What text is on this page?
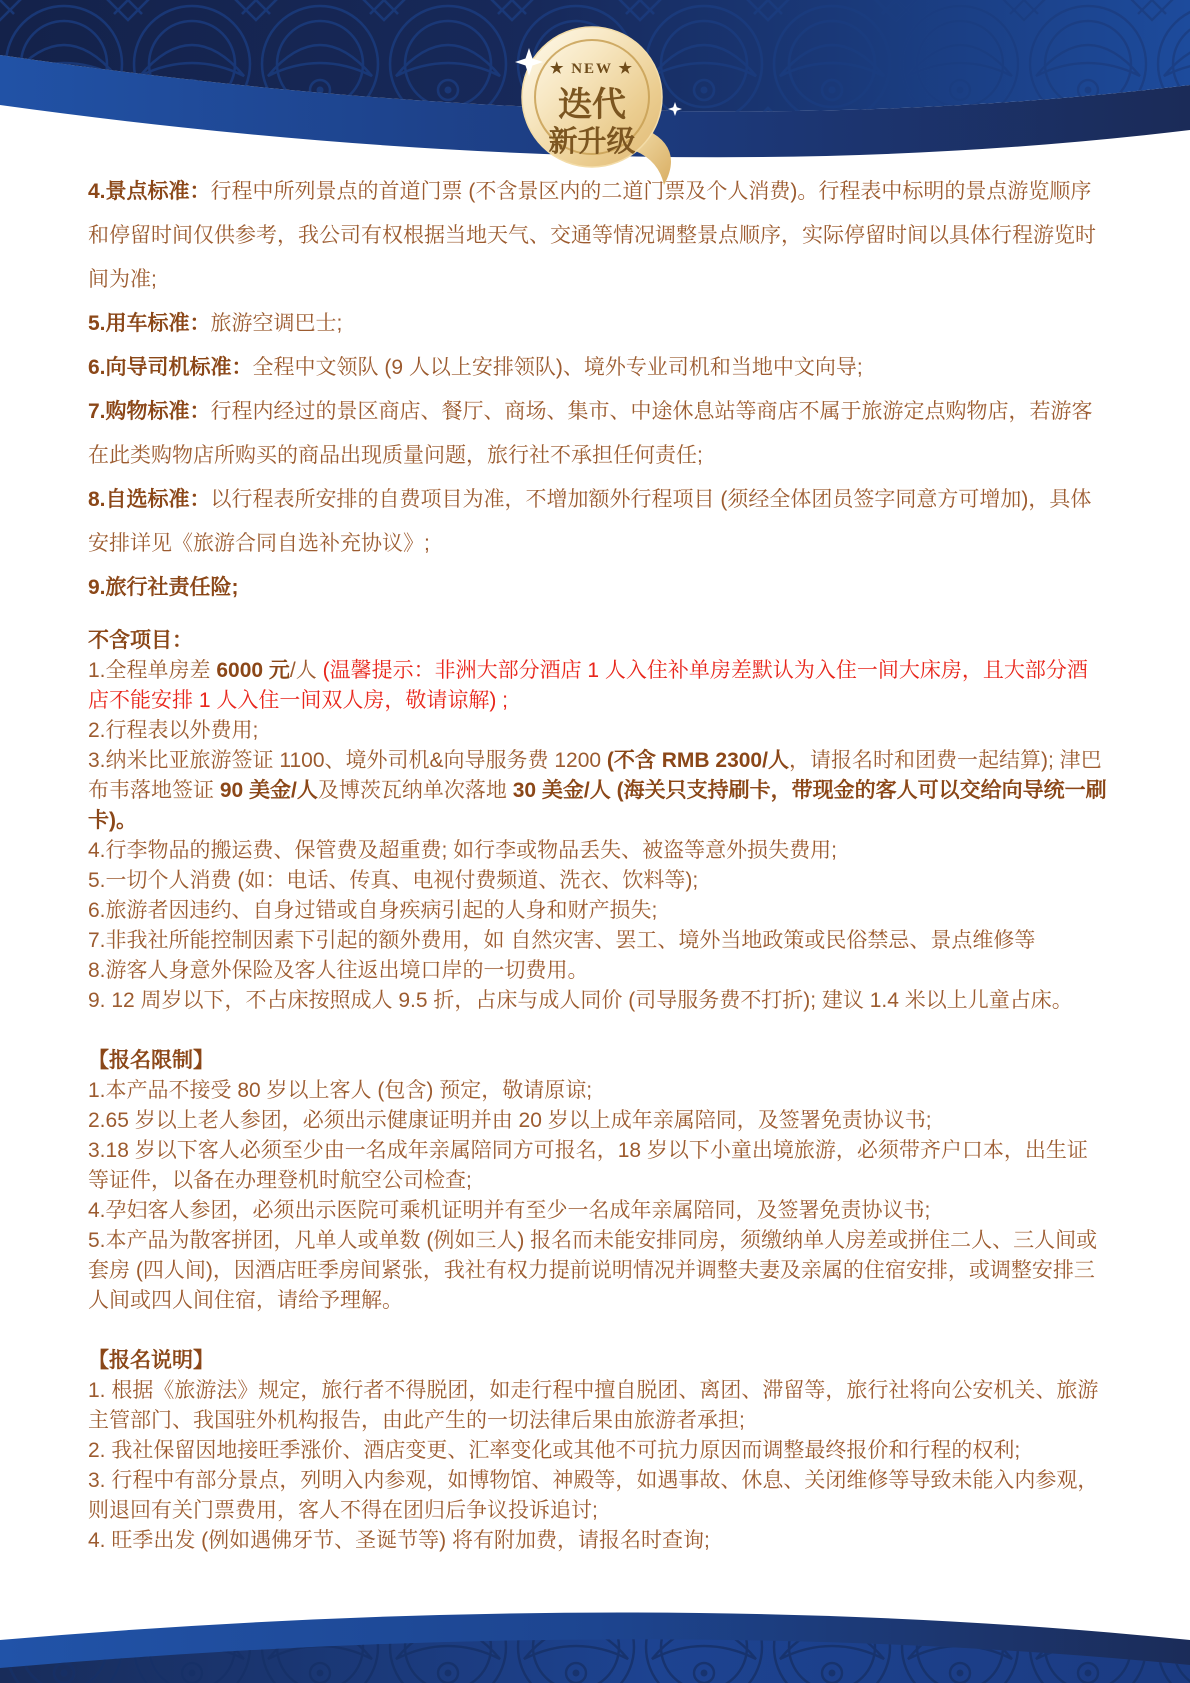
★ NEW ★
迭代
新升级

4.景点标准：行程中所列景点的首道门票 (不含景区内的二道门票及个人消费)。行程表中标明的景点游览顺序和停留时间仅供参考，我公司有权根据当地天气、交通等情况调整景点顺序，实际停留时间以具体行程游览时间为准;

5.用车标准：旅游空调巴士;

6.向导司机标准：全程中文领队 (9 人以上安排领队)、境外专业司机和当地中文向导;

7.购物标准：行程内经过的景区商店、餐厅、商场、集市、中途休息站等商店不属于旅游定点购物店，若游客在此类购物店所购买的商品出现质量问题，旅行社不承担任何责任;

8.自选标准：以行程表所安排的自费项目为准，不增加额外行程项目 (须经全体团员签字同意方可增加)，具体安排详见《旅游合同自选补充协议》;

9.旅行社责任险;

不含项目：

1.全程单房差 6000 元/人 (温馨提示：非洲大部分酒店 1 人入住补单房差默认为入住一间大床房，且大部分酒店不能安排 1 人入住一间双人房，敬请谅解) ;

2.行程表以外费用;

3.纳米比亚旅游签证 1100、境外司机&向导服务费 1200 (不含 RMB 2300/人，请报名时和团费一起结算); 津巴布韦落地签证 90 美金/人及博茨瓦纳单次落地 30 美金/人 (海关只支持刷卡，带现金的客人可以交给向导统一刷卡)。

4.行李物品的搬运费、保管费及超重费; 如行李或物品丢失、被盗等意外损失费用;

5.一切个人消费 (如：电话、传真、电视付费频道、洗衣、饮料等);

6.旅游者因违约、自身过错或自身疾病引起的人身和财产损失;

7.非我社所能控制因素下引起的额外费用，如 自然灾害、罢工、境外当地政策或民俗禁忌、景点维修等

8.游客人身意外保险及客人往返出境口岸的一切费用。

9. 12 周岁以下，不占床按照成人 9.5 折，占床与成人同价 (司导服务费不打折); 建议 1.4 米以上儿童占床。

【报名限制】

1.本产品不接受 80 岁以上客人 (包含) 预定，敬请原谅;

2.65 岁以上老人参团，必须出示健康证明并由 20 岁以上成年亲属陪同，及签署免责协议书;

3.18 岁以下客人必须至少由一名成年亲属陪同方可报名，18 岁以下小童出境旅游，必须带齐户口本，出生证等证件，以备在办理登机时航空公司检查;

4.孕妇客人参团，必须出示医院可乘机证明并有至少一名成年亲属陪同，及签署免责协议书;

5.本产品为散客拼团，凡单人或单数 (例如三人) 报名而未能安排同房，须缴纳单人房差或拼住二人、三人间或套房 (四人间)，因酒店旺季房间紧张，我社有权力提前说明情况并调整夫妻及亲属的住宿安排，或调整安排三人间或四人间住宿，请给予理解。

【报名说明】

1. 根据《旅游法》规定，旅行者不得脱团，如走行程中擅自脱团、离团、滞留等，旅行社将向公安机关、旅游主管部门、我国驻外机构报告，由此产生的一切法律后果由旅游者承担;

2. 我社保留因地接旺季涨价、酒店变更、汇率变化或其他不可抗力原因而调整最终报价和行程的权利;

3. 行程中有部分景点，列明入内参观，如博物馆、神殿等，如遇事故、休息、关闭维修等导致未能入内参观，则退回有关门票费用，客人不得在团归后争议投诉追讨;

4. 旺季出发 (例如遇佛牙节、圣诞节等) 将有附加费，请报名时查询;
